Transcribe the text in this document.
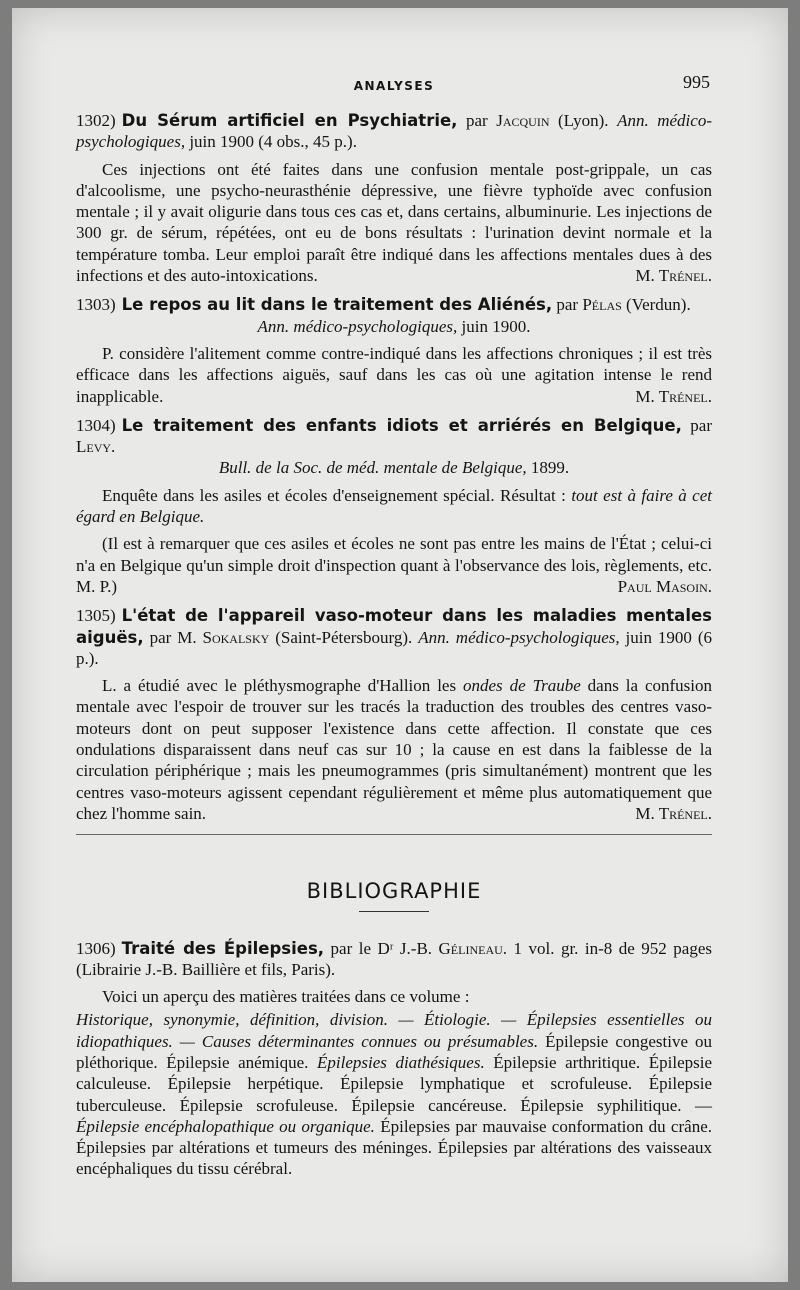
ANALYSES	995
1302) Du Sérum artificiel en Psychiatrie, par Jacquin (Lyon). Ann. médico-psychologiques, juin 1900 (4 obs., 45 p.).

Ces injections ont été faites dans une confusion mentale post-grippale, un cas d'alcoolisme, une psycho-neurasthénie dépressive, une fièvre typhoïde avec confusion mentale ; il y avait oligurie dans tous ces cas et, dans certains, albuminurie. Les injections de 300 gr. de sérum, répétées, ont eu de bons résultats : l'urination devint normale et la température tomba. Leur emploi paraît être indiqué dans les affections mentales dues à des infections et des auto-intoxications.	M. Trénel.

1303) Le repos au lit dans le traitement des Aliénés, par Pélas (Verdun).
Ann. médico-psychologiques, juin 1900.

P. considère l'alitement comme contre-indiqué dans les affections chroniques ; il est très efficace dans les affections aiguës, sauf dans les cas où une agitation intense le rend inapplicable.	M. Trénel.

1304) Le traitement des enfants idiots et arriérés en Belgique, par Levy.
Bull. de la Soc. de méd. mentale de Belgique, 1899.

Enquête dans les asiles et écoles d'enseignement spécial. Résultat : tout est à faire à cet égard en Belgique.

(Il est à remarquer que ces asiles et écoles ne sont pas entre les mains de l'État ; celui-ci n'a en Belgique qu'un simple droit d'inspection quant à l'observance des lois, règlements, etc. M. P.)	Paul Masoin.

1305) L'état de l'appareil vaso-moteur dans les maladies mentales aiguës, par M. Sokalsky (Saint-Pétersbourg). Ann. médico-psychologiques, juin 1900 (6 p.).

L. a étudié avec le pléthysmographe d'Hallion les ondes de Traube dans la confusion mentale avec l'espoir de trouver sur les tracés la traduction des troubles des centres vaso-moteurs dont on peut supposer l'existence dans cette affection. Il constate que ces ondulations disparaissent dans neuf cas sur 10 ; la cause en est dans la faiblesse de la circulation périphérique ; mais les pneumogrammes (pris simultanément) montrent que les centres vaso-moteurs agissent cependant régulièrement et même plus automatiquement que chez l'homme sain.	M. Trénel.

BIBLIOGRAPHIE
1306) Traité des Épilepsies, par le Dʳ J.-B. Gélineau. 1 vol. gr. in-8 de 952 pages (Librairie J.-B. Baillière et fils, Paris).

Voici un aperçu des matières traitées dans ce volume :

Historique, synonymie, définition, division. — Étiologie. — Épilepsies essentielles ou idiopathiques. — Causes déterminantes connues ou présumables. Épilepsie congestive ou pléthorique. Épilepsie anémique. Épilepsies diathésiques. Épilepsie arthritique. Épilepsie calculeuse. Épilepsie herpétique. Épilepsie lymphatique et scrofuleuse. Épilepsie tuberculeuse. Épilepsie scrofuleuse. Épilepsie cancéreuse. Épilepsie syphilitique. — Épilepsie encéphalopathique ou organique. Épilepsies par mauvaise conformation du crâne. Épilepsies par altérations et tumeurs des méninges. Épilepsies par altérations des vaisseaux encéphaliques du tissu cérébral.
